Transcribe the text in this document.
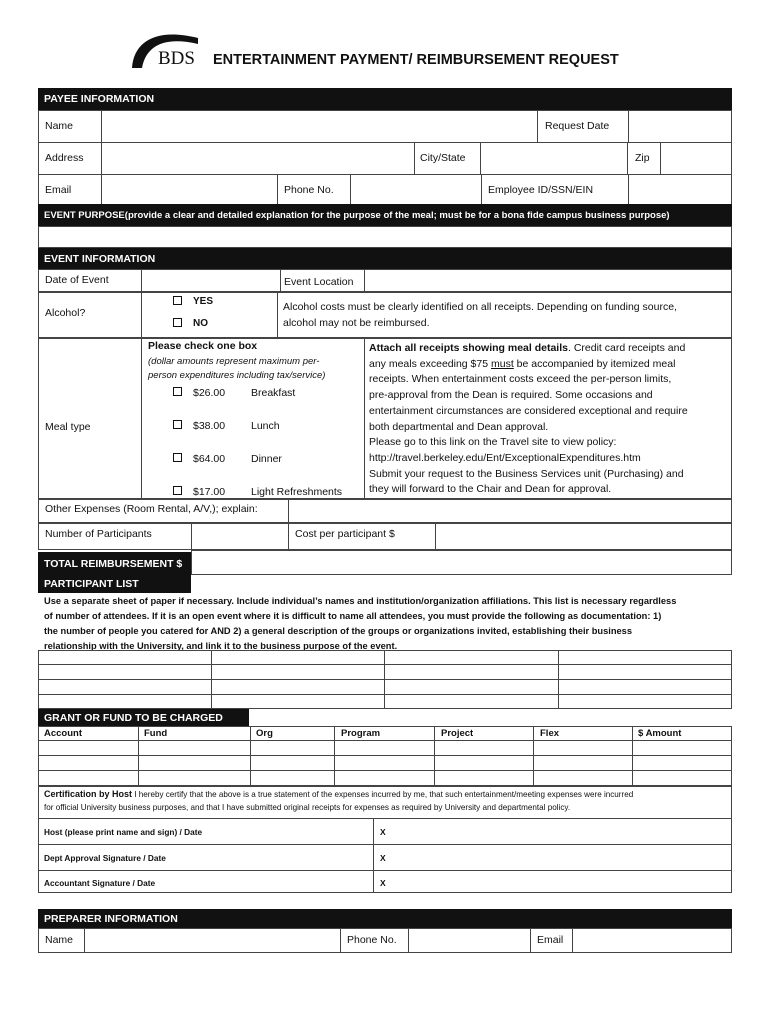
BDS ENTERTAINMENT PAYMENT/ REIMBURSEMENT REQUEST
PAYEE INFORMATION
Name	Request Date
Address	City/State	Zip
Email	Phone No.	Employee ID/SSN/EIN
EVENT PURPOSE (provide a clear and detailed explanation for the purpose of the meal; must be for a bona fide campus business purpose)
EVENT INFORMATION
Date of Event	Event Location
Alcohol?
YES
NO
Alcohol costs must be clearly identified on all receipts. Depending on funding source,
alcohol may not be reimbursed.
Meal type
Please check one box
(dollar amounts represent maximum per-
person expenditures including tax/service)
$26.00 Breakfast
$38.00 Lunch
$64.00 Dinner
$17.00 Light Refreshments
Attach all receipts showing meal details. Credit card receipts and
any meals exceeding $75 must be accompanied by itemized meal
receipts. When entertainment costs exceed the per-person limits,
pre-approval from the Dean is required. Some occasions and
entertainment circumstances are considered exceptional and require
both departmental and Dean approval.
Please go to this link on the Travel site to view policy:
http://travel.berkeley.edu/Ent/ExceptionalExpenditures.htm
Submit your request to the Business Services unit (Purchasing) and
they will forward to the Chair and Dean for approval.
Other Expenses (Room Rental, A/V,); explain:
Number of Participants	Cost per participant $
TOTAL REIMBURSEMENT $
PARTICIPANT LIST
Use a separate sheet of paper if necessary. Include individual’s names and institution/organization affiliations. This list is necessary regardless
of number of attendees. If it is an open event where it is difficult to name all attendees, you must provide the following as documentation: 1)
the number of people you catered for AND 2) a general description of the groups or organizations invited, establishing their business
relationship with the University, and link it to the business purpose of the event.
GRANT OR FUND TO BE CHARGED
Account	Fund	Org	Program	Project	Flex	$ Amount
Certification by Host I hereby certify that the above is a true statement of the expenses incurred by me, that such entertainment/meeting expenses were incurred
for official University business purposes, and that I have submitted original receipts for expenses as required by University and departmental policy.
Host (please print name and sign) / Date	X
Dept Approval Signature / Date	X
Accountant Signature / Date	X
PREPARER INFORMATION
Name	Phone No.	Email
